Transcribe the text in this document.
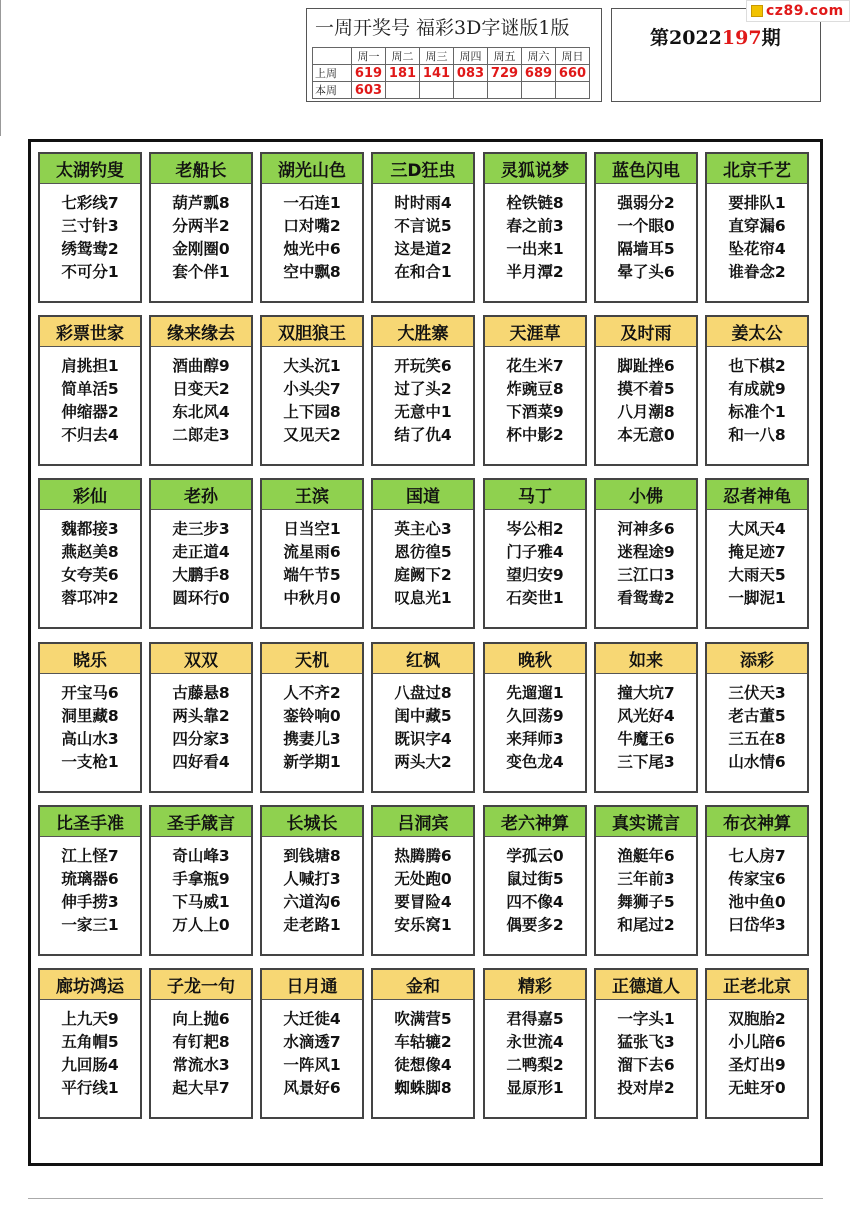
一周开奖号 福彩3D字谜版1版
	周一	周二	周三	周四	周五	周六	周日
上周	619	181	141	083	729	689	660
本周	603						
第2022197期
cz89.com
太湖钓叟
七彩线7
三寸针3
绣鸳鸯2
不可分1
老船长
葫芦瓢8
分两半2
金刚圈0
套个伴1
湖光山色
一石连1
口对嘴2
烛光中6
空中飘8
三D狂虫
时时雨4
不言说5
这是道2
在和合1
灵狐说梦
栓铁链8
春之前3
一出来1
半月潭2
蓝色闪电
强弱分2
一个眼0
隔墙耳5
晕了头6
北京千艺
要排队1
直穿漏6
坠花帘4
谁眷念2
彩票世家
肩挑担1
简单活5
伸缩器2
不归去4
缘来缘去
酒曲醇9
日变天2
东北风4
二郎走3
双胆狼王
大头沉1
小头尖7
上下园8
又见天2
大胜寨
开玩笑6
过了头2
无意中1
结了仇4
天涯草
花生米7
炸豌豆8
下酒菜9
杯中影2
及时雨
脚趾挫6
摸不着5
八月潮8
本无意0
姜太公
也下棋2
有成就9
标准个1
和一八8
彩仙
魏都接3
燕赵美8
女夸芙6
蓉邛冲2
老孙
走三步3
走正道4
大鹏手8
圆环行0
王滨
日当空1
流星雨6
端午节5
中秋月0
国道
英主心3
恩彷徨5
庭阙下2
叹息光1
马丁
岑公相2
门子雅4
望归安9
石奕世1
小佛
河神多6
迷程途9
三江口3
看鸳鸯2
忍者神龟
大风天4
掩足迹7
大雨天5
一脚泥1
晓乐
开宝马6
洞里藏8
高山水3
一支枪1
双双
古藤悬8
两头靠2
四分家3
四好看4
天机
人不齐2
銮铃响0
携妻儿3
新学期1
红枫
八盘过8
闺中藏5
既识字4
两头大2
晚秋
先遛遛1
久回荡9
来拜师3
变色龙4
如来
撞大坑7
风光好4
牛魔王6
三下尾3
添彩
三伏天3
老古董5
三五在8
山水情6
比圣手准
江上怪7
琉璃器6
伸手捞3
一家三1
圣手箴言
奇山峰3
手拿瓶9
下马威1
万人上0
长城长
到钱塘8
人喊打3
六道沟6
走老路1
吕洞宾
热腾腾6
无处跑0
要冒险4
安乐窝1
老六神算
学孤云0
鼠过街5
四不像4
偶要多2
真实谎言
渔艇年6
三年前3
舞狮子5
和尾过2
布衣神算
七人房7
传家宝6
池中鱼0
曰岱华3
廊坊鸿运
上九天9
五角帽5
九回肠4
平行线1
子龙一句
向上抛6
有钉耙8
常流水3
起大早7
日月通
大迁徙4
水滴透7
一阵风1
风景好6
金和
吹满营5
车轱辘2
徒想像4
蜘蛛脚8
精彩
君得嘉5
永世流4
二鸭梨2
显原形1
正德道人
一字头1
猛张飞3
溜下去6
投对岸2
正老北京
双胞胎2
小儿陪6
圣灯出9
无蛀牙0
